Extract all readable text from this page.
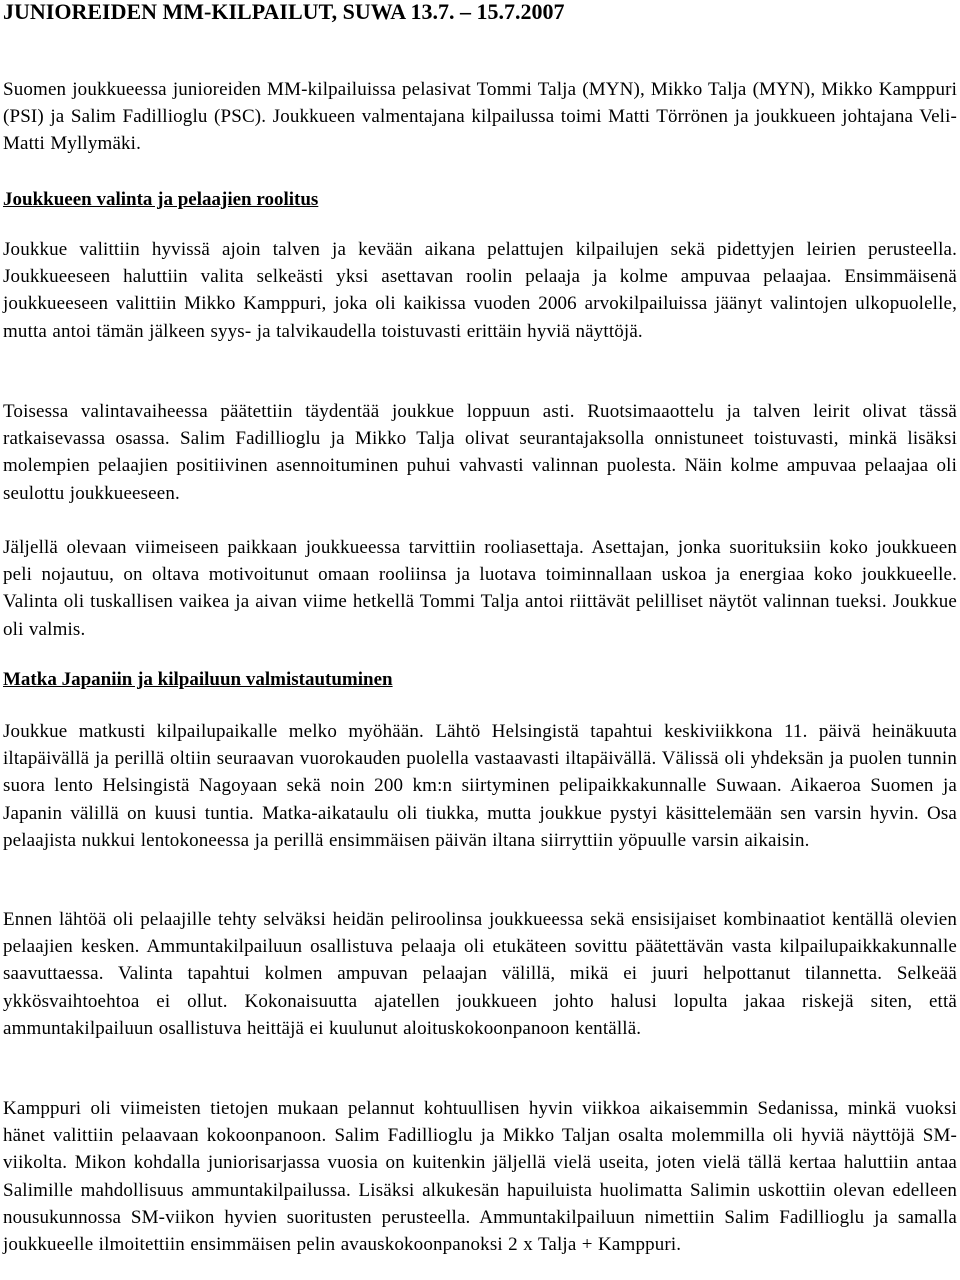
JUNIOREIDEN MM-KILPAILUT, SUWA 13.7. – 15.7.2007

Suomen joukkueessa junioreiden MM-kilpailuissa pelasivat Tommi Talja (MYN), Mikko Talja (MYN), Mikko Kamppuri (PSI) ja Salim Fadillioglu (PSC). Joukkueen valmentajana kilpailussa toimi Matti Törrönen ja joukkueen johtajana Veli-Matti Myllymäki.

Joukkueen valinta ja pelaajien roolitus

Joukkue valittiin hyvissä ajoin talven ja kevään aikana pelattujen kilpailujen sekä pidettyjen leirien perusteella. Joukkueeseen haluttiin valita selkeästi yksi asettavan roolin pelaaja ja kolme ampuvaa pelaajaa. Ensimmäisenä joukkueeseen valittiin Mikko Kamppuri, joka oli kaikissa vuoden 2006 arvokilpailuissa jäänyt valintojen ulkopuolelle, mutta antoi tämän jälkeen syys- ja talvikaudella toistuvasti erittäin hyviä näyttöjä.

Toisessa valintavaiheessa päätettiin täydentää joukkue loppuun asti. Ruotsimaaottelu ja talven leirit olivat tässä ratkaisevassa osassa. Salim Fadillioglu ja Mikko Talja olivat seurantajaksolla onnistuneet toistuvasti, minkä lisäksi molempien pelaajien positiivinen asennoituminen puhui vahvasti valinnan puolesta. Näin kolme ampuvaa pelaajaa oli seulottu joukkueeseen.

Jäljellä olevaan viimeiseen paikkaan joukkueessa tarvittiin rooliasettaja. Asettajan, jonka suorituksiin koko joukkueen peli nojautuu, on oltava motivoitunut omaan rooliinsa ja luotava toiminnallaan uskoa ja energiaa koko joukkueelle. Valinta oli tuskallisen vaikea ja aivan viime hetkellä Tommi Talja antoi riittävät pelilliset näytöt valinnan tueksi. Joukkue oli valmis.

Matka Japaniin ja kilpailuun valmistautuminen

Joukkue matkusti kilpailupaikalle melko myöhään. Lähtö Helsingistä tapahtui keskiviikkona 11. päivä heinäkuuta iltapäivällä ja perillä oltiin seuraavan vuorokauden puolella vastaavasti iltapäivällä. Välissä oli yhdeksän ja puolen tunnin suora lento Helsingistä Nagoyaan sekä noin 200 km:n siirtyminen pelipaikkakunnalle Suwaan. Aikaeroa Suomen ja Japanin välillä on kuusi tuntia. Matka-aikataulu oli tiukka, mutta joukkue pystyi käsittelemään sen varsin hyvin. Osa pelaajista nukkui lentokoneessa ja perillä ensimmäisen päivän iltana siirryttiin yöpuulle varsin aikaisin.

Ennen lähtöä oli pelaajille tehty selväksi heidän peliroolinsa joukkueessa sekä ensisijaiset kombinaatiot kentällä olevien pelaajien kesken. Ammuntakilpailuun osallistuva pelaaja oli etukäteen sovittu päätettävän vasta kilpailupaikkakunnalle saavuttaessa. Valinta tapahtui kolmen ampuvan pelaajan välillä, mikä ei juuri helpottanut tilannetta. Selkeää ykkösvaihtoehtoa ei ollut. Kokonaisuutta ajatellen joukkueen johto halusi lopulta jakaa riskejä siten, että ammuntakilpailuun osallistuva heittäjä ei kuulunut aloituskokoonpanoon kentällä.

Kamppuri oli viimeisten tietojen mukaan pelannut kohtuullisen hyvin viikkoa aikaisemmin Sedanissa, minkä vuoksi hänet valittiin pelaavaan kokoonpanoon. Salim Fadillioglu ja Mikko Taljan osalta molemmilla oli hyviä näyttöjä SM-viikolta. Mikon kohdalla juniorisarjassa vuosia on kuitenkin jäljellä vielä useita, joten vielä tällä kertaa haluttiin antaa Salimille mahdollisuus ammuntakilpailussa. Lisäksi alkukesän hapuiluista huolimatta Salimin uskottiin olevan edelleen nousukunnossa SM-viikon hyvien suoritusten perusteella. Ammuntakilpailuun nimettiin Salim Fadillioglu ja samalla joukkueelle ilmoitettiin ensimmäisen pelin avauskokoonpanoksi 2 x Talja + Kamppuri.
